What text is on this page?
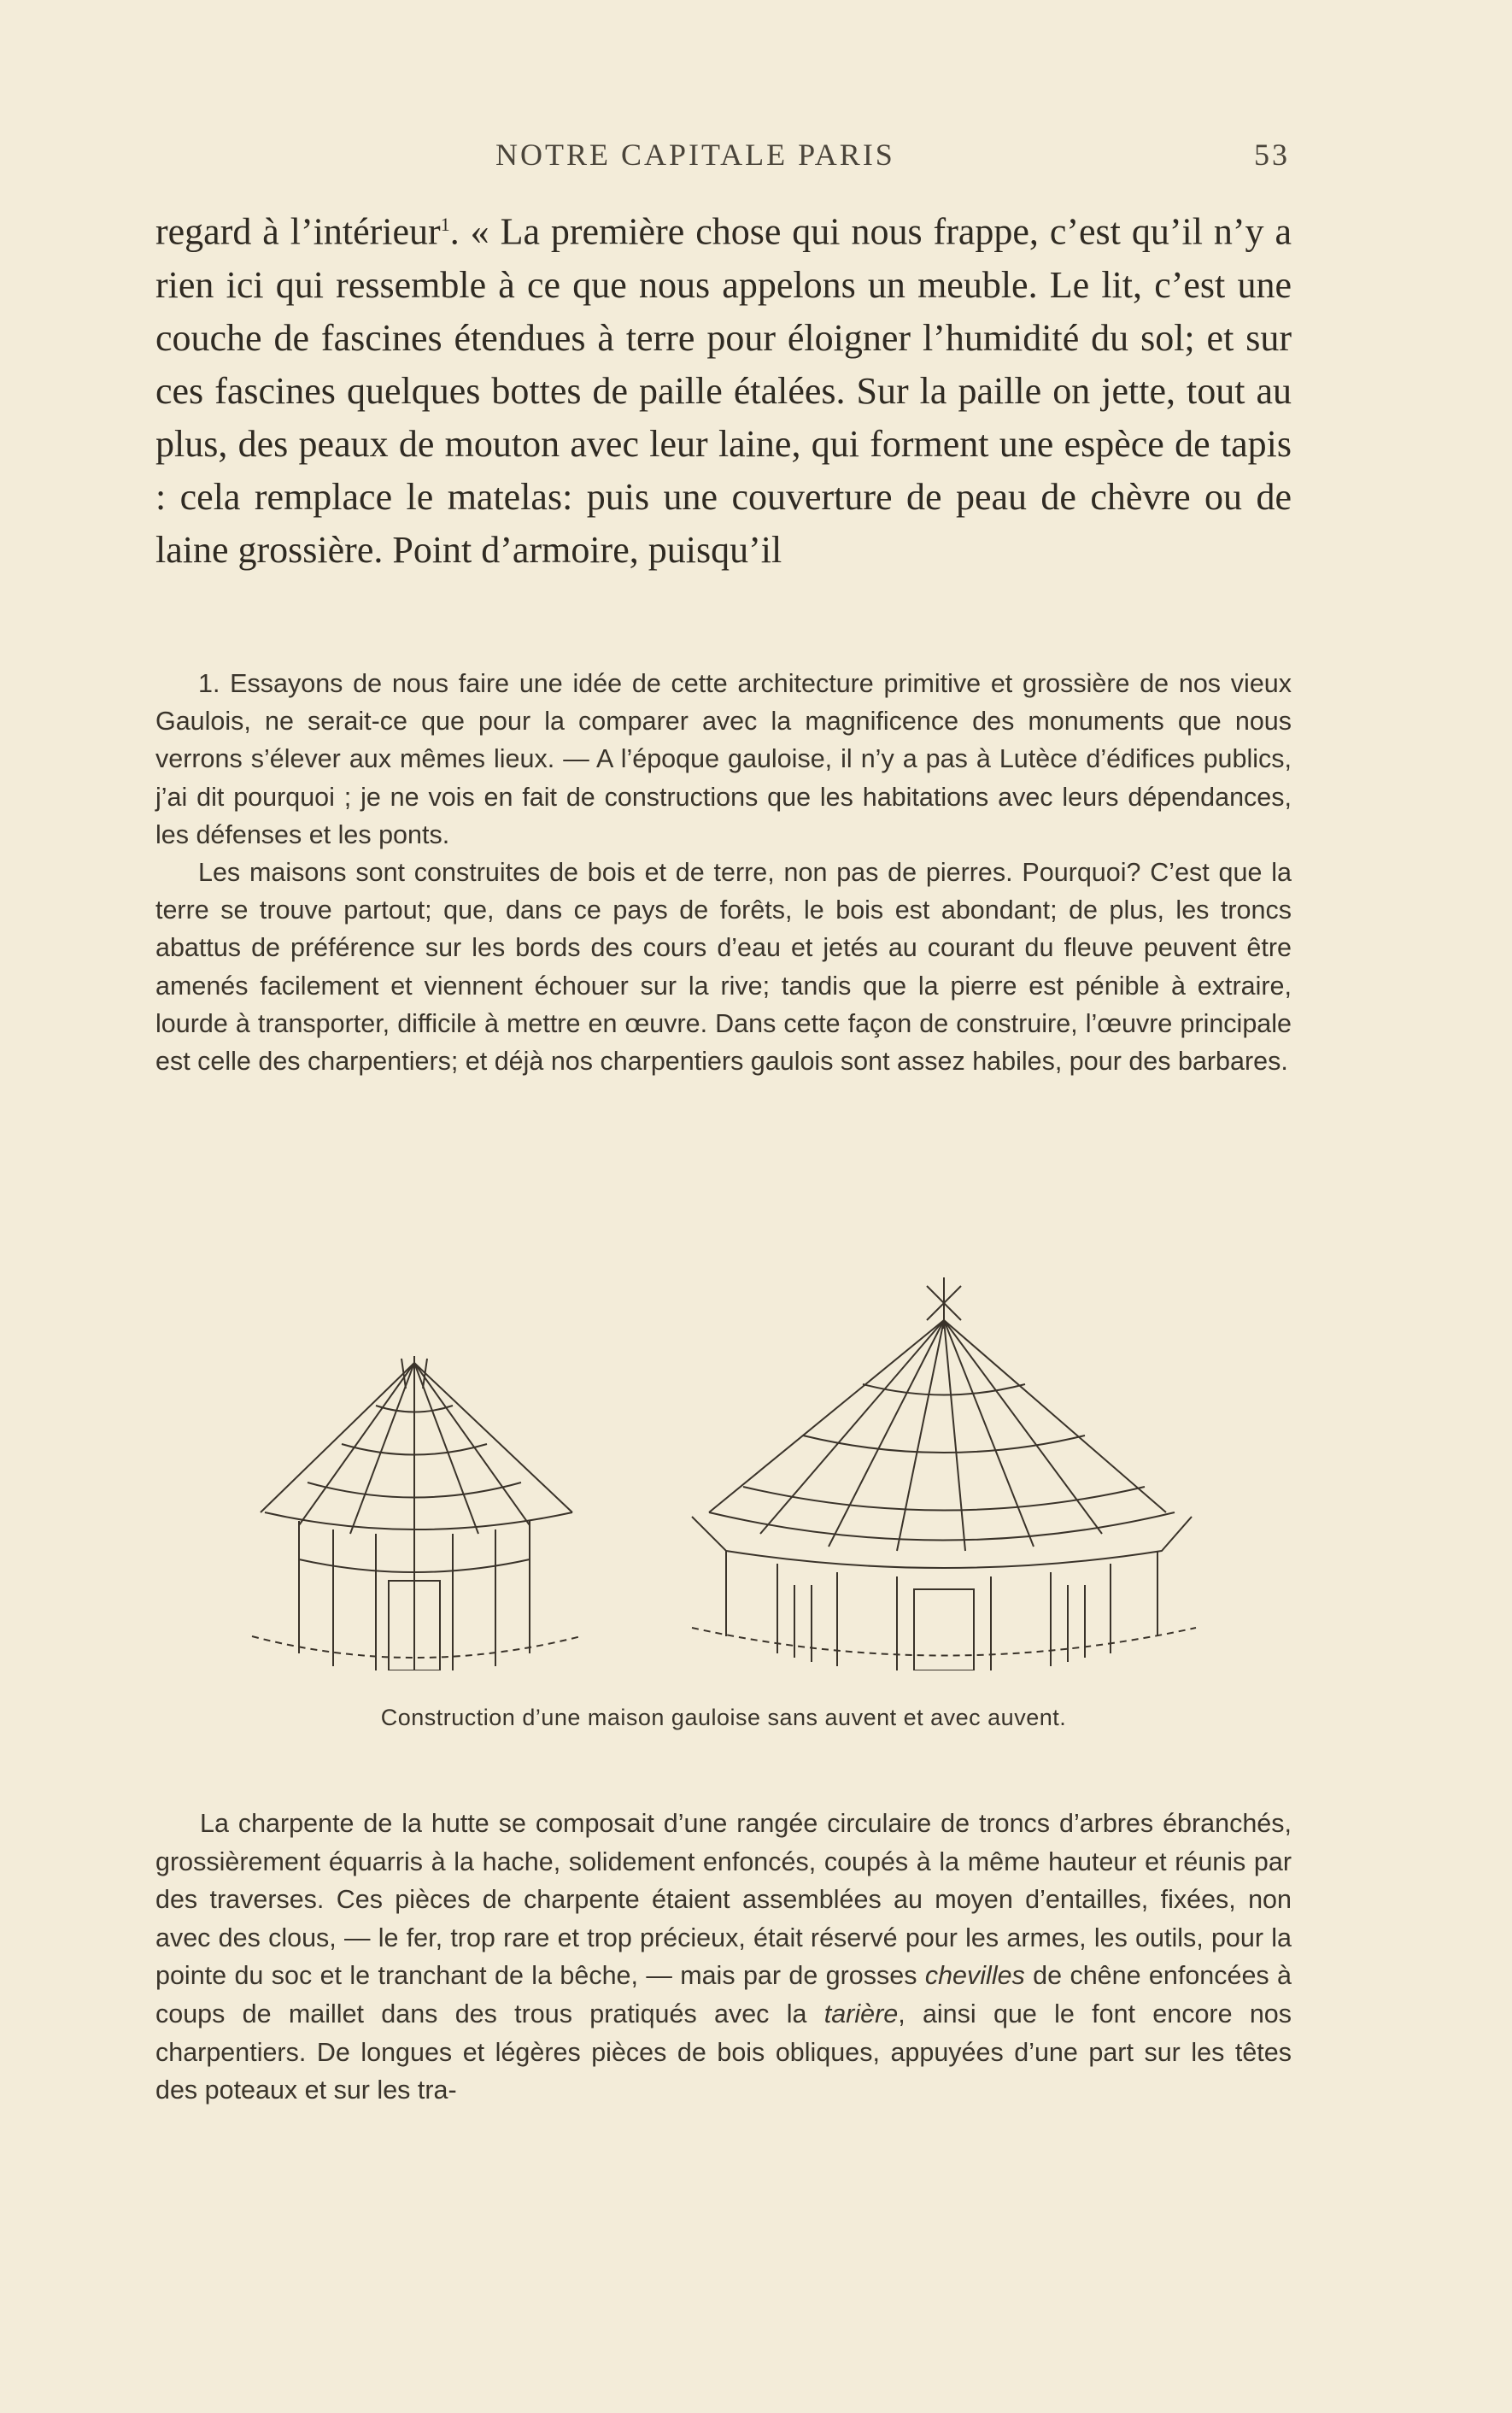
NOTRE CAPITALE PARIS	53

regard à l’intérieur$^1$. « La première chose qui nous frappe, c’est qu’il n’y a rien ici qui ressemble à ce que nous appelons un meuble. Le lit, c’est une couche de fascines étendues à terre pour éloigner l’humidité du sol; et sur ces fascines quelques bottes de paille étalées. Sur la paille on jette, tout au plus, des peaux de mouton avec leur laine, qui forment une espèce de tapis : cela remplace le matelas: puis une couverture de peau de chèvre ou de laine grossière. Point d’armoire, puisqu’il

1. Essayons de nous faire une idée de cette architecture primitive et grossière de nos vieux Gaulois, ne serait-ce que pour la comparer avec la magnificence des monuments que nous verrons s’élever aux mêmes lieux. — A l’époque gauloise, il n’y a pas à Lutèce d’édifices publics, j’ai dit pourquoi ; je ne vois en fait de constructions que les habitations avec leurs dépendances, les défenses et les ponts.

Les maisons sont construites de bois et de terre, non pas de pierres. Pourquoi? C’est que la terre se trouve partout; que, dans ce pays de forêts, le bois est abondant; de plus, les troncs abattus de préférence sur les bords des cours d’eau et jetés au courant du fleuve peuvent être amenés facilement et viennent échouer sur la rive; tandis que la pierre est pénible à extraire, lourde à transporter, difficile à mettre en œuvre. Dans cette façon de construire, l’œuvre principale est celle des charpentiers; et déjà nos charpentiers gaulois sont assez habiles, pour des barbares.

Construction d’une maison gauloise sans auvent et avec auvent.

La charpente de la hutte se composait d’une rangée circulaire de troncs d’arbres ébranchés, grossièrement équarris à la hache, solidement enfoncés, coupés à la même hauteur et réunis par des traverses. Ces pièces de charpente étaient assemblées au moyen d’entailles, fixées, non avec des clous, — le fer, trop rare et trop précieux, était réservé pour les armes, les outils, pour la pointe du soc et le tranchant de la bêche, — mais par de grosses chevilles de chêne enfoncées à coups de maillet dans des trous pratiqués avec la tarière, ainsi que le font encore nos charpentiers. De longues et légères pièces de bois obliques, appuyées d’une part sur les têtes des poteaux et sur les tra-
